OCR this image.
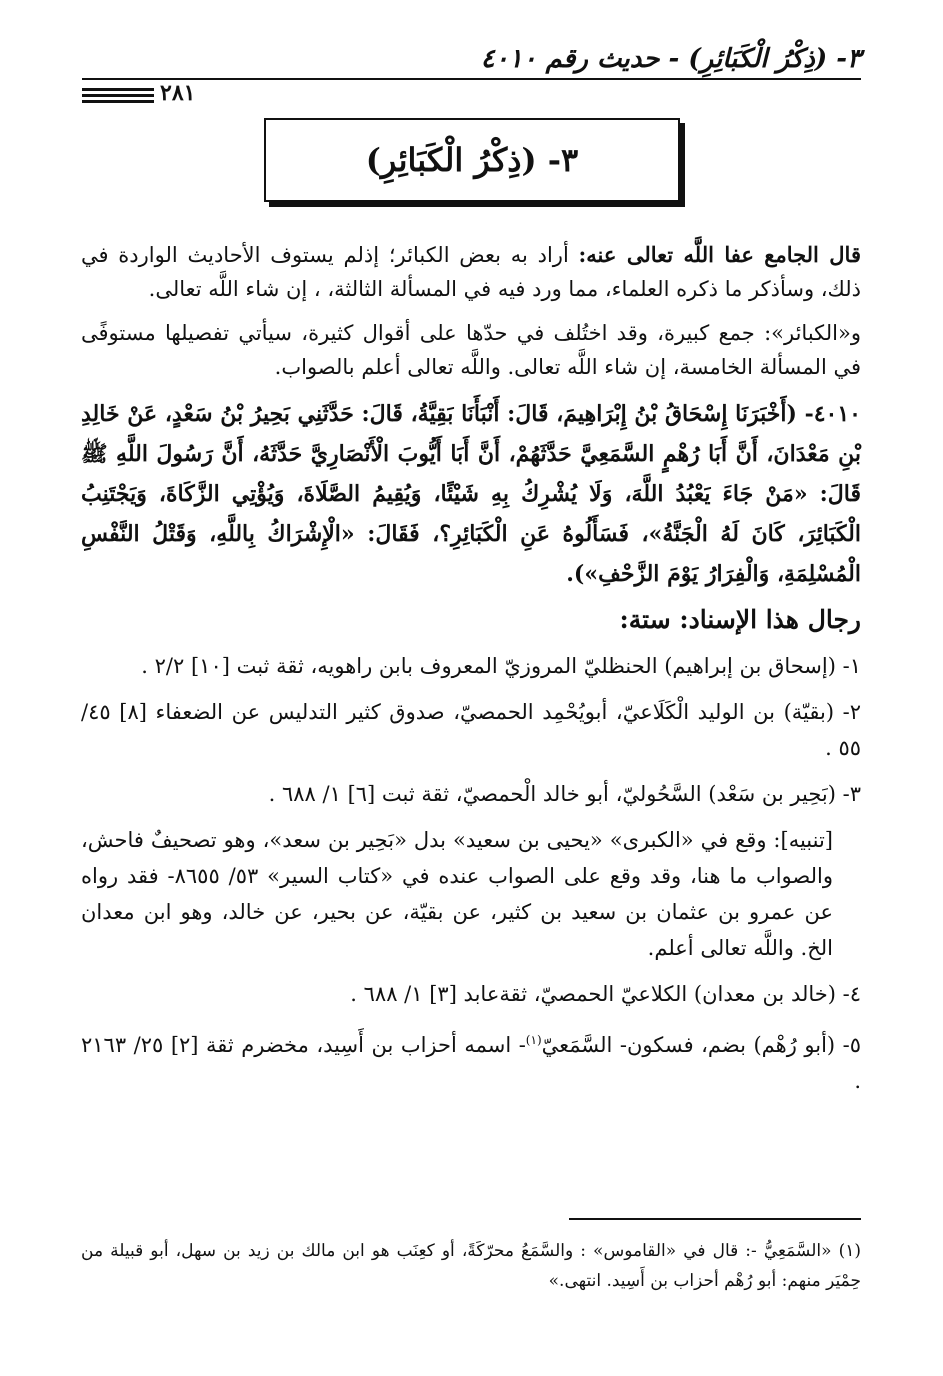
٣- (ذِكْرُ الْكَبَائِرِ) - حديث رقم ٤٠١٠
٢٨١
٣- (ذِكْرُ الْكَبَائِرِ)

قال الجامع عفا اللَّه تعالى عنه: أراد به بعض الكبائر؛ إذلم يستوف الأحاديث الواردة في ذلك، وسأذكر ما ذكره العلماء، مما ورد فيه في المسألة الثالثة، ، إن شاء اللَّه تعالى.

و«الكبائر»: جمع كبيرة، وقد اختُلف في حدّها على أقوال كثيرة، سيأتي تفصيلها مستوفًى في المسألة الخامسة، إن شاء اللَّه تعالى. واللَّه تعالى أعلم بالصواب.

٤٠١٠- (أَخْبَرَنَا إِسْحَاقُ بْنُ إِبْرَاهِيمَ، قَالَ: أَنْبَأَنَا بَقِيَّةُ، قَالَ: حَدَّثَنِي بَحِيرُ بْنُ سَعْدٍ، عَنْ خَالِدِ بْنِ مَعْدَانَ، أَنَّ أَبَا رُهْمٍ السَّمَعِيَّ حَدَّثَهُمْ، أَنَّ أَبَا أَيُّوبَ الْأَنْصَارِيَّ حَدَّثَهُ، أَنَّ رَسُولَ اللَّهِ ﷺ قَالَ: «مَنْ جَاءَ يَعْبُدُ اللَّهَ، وَلَا يُشْرِكُ بِهِ شَيْئًا، وَيُقِيمُ الصَّلَاةَ، وَيُؤْتِي الزَّكَاةَ، وَيَجْتَنِبُ الْكَبَائِرَ، كَانَ لَهُ الْجَنَّةُ»، فَسَأَلُوهُ عَنِ الْكَبَائِرِ؟، فَقَالَ: «الْإِشْرَاكُ بِاللَّهِ، وَقَتْلُ النَّفْسِ الْمُسْلِمَةِ، وَالْفِرَارُ يَوْمَ الزَّحْفِ»).

رجال هذا الإسناد: ستة:

١- (إسحاق بن إبراهيم) الحنظليّ المروزيّ المعروف بابن راهويه، ثقة ثبت [١٠] ٢/٢ .

٢- (بقيّة) بن الوليد الْكَلَاعيّ، أبويُحْمِد الحمصيّ، صدوق كثير التدليس عن الضعفاء [٨] ٤٥/ ٥٥ .

٣- (بَحِير بن سَعْد) السَّحُوليّ، أبو خالد الْحمصيّ، ثقة ثبت [٦] ١/ ٦٨٨ .

[تنبيه]: وقع في «الكبرى» «يحيى بن سعيد» بدل «بَحِير بن سعد»، وهو تصحيفٌ فاحش، والصواب ما هنا، وقد وقع على الصواب عنده في «كتاب السير» ٥٣/ ٨٦٥٥- فقد رواه عن عمرو بن عثمان بن سعيد بن كثير، عن بقيّة، عن بحير، عن خالد، وهو ابن معدان الخ. واللَّه تعالى أعلم.

٤- (خالد بن معدان) الكلاعيّ الحمصيّ، ثقةعابد [٣] ١/ ٦٨٨ .

٥- (أبو رُهْم) بضم، فسكون- السَّمَعيّ$^{(١)}$- اسمه أحزاب بن أَسِيد، مخضرم ثقة [٢] ٢٥/ ٢١٦٣ .

(١) «السَّمَعِيُّ -: قال في «القاموس» : والسَّمَعُ محرّكَةً، أو كعِنَب هو ابن مالك بن زيد بن سهل، أبو قبيلة من حِمْيَر منهم: أبو رُهْم أحزاب بن أَسِيد. انتهى.»
